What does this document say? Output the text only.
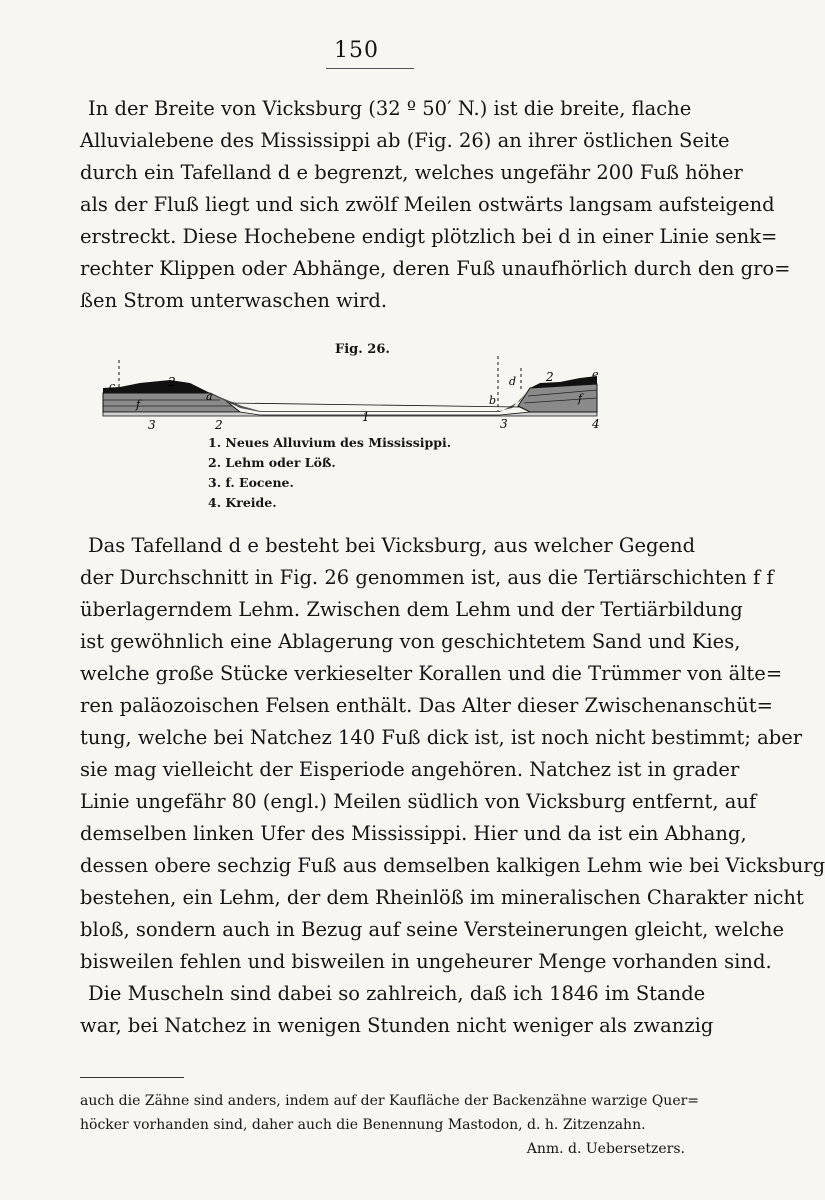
150
In der Breite von Vicksburg (32 º 50′ N.) ist die breite, flache
Alluvialebene des Mississippi ab (Fig. 26) an ihrer östlichen Seite
durch ein Tafelland d e begrenzt, welches ungefähr 200 Fuß höher
als der Fluß liegt und sich zwölf Meilen ostwärts langsam aufsteigend
erstreckt. Diese Hochebene endigt plötzlich bei d in einer Linie senk=
rechter Klippen oder Abhänge, deren Fuß unaufhörlich durch den gro=
ßen Strom unterwaschen wird.
Fig. 26.
c	2
a
f
3	2
1
b
d 2	e
f
3	4
1. Neues Alluvium des Mississippi.
2. Lehm oder Löß.
3. f. Eocene.
4. Kreide.
Das Tafelland d e besteht bei Vicksburg, aus welcher Gegend
der Durchschnitt in Fig. 26 genommen ist, aus die Tertiärschichten f f
überlagerndem Lehm. Zwischen dem Lehm und der Tertiärbildung
ist gewöhnlich eine Ablagerung von geschichtetem Sand und Kies,
welche große Stücke verkieselter Korallen und die Trümmer von älte=
ren paläozoischen Felsen enthält. Das Alter dieser Zwischenanschüt=
tung, welche bei Natchez 140 Fuß dick ist, ist noch nicht bestimmt; aber
sie mag vielleicht der Eisperiode angehören. Natchez ist in grader
Linie ungefähr 80 (engl.) Meilen südlich von Vicksburg entfernt, auf
demselben linken Ufer des Mississippi. Hier und da ist ein Abhang,
dessen obere sechzig Fuß aus demselben kalkigen Lehm wie bei Vicksburg
bestehen, ein Lehm, der dem Rheinlöß im mineralischen Charakter nicht
bloß, sondern auch in Bezug auf seine Versteinerungen gleicht, welche
bisweilen fehlen und bisweilen in ungeheurer Menge vorhanden sind.
Die Muscheln sind dabei so zahlreich, daß ich 1846 im Stande
war, bei Natchez in wenigen Stunden nicht weniger als zwanzig
auch die Zähne sind anders, indem auf der Kaufläche der Backenzähne warzige Quer=
höcker vorhanden sind, daher auch die Benennung Mastodon, d. h. Zitzenzahn.
Anm. d. Uebersetzers.
